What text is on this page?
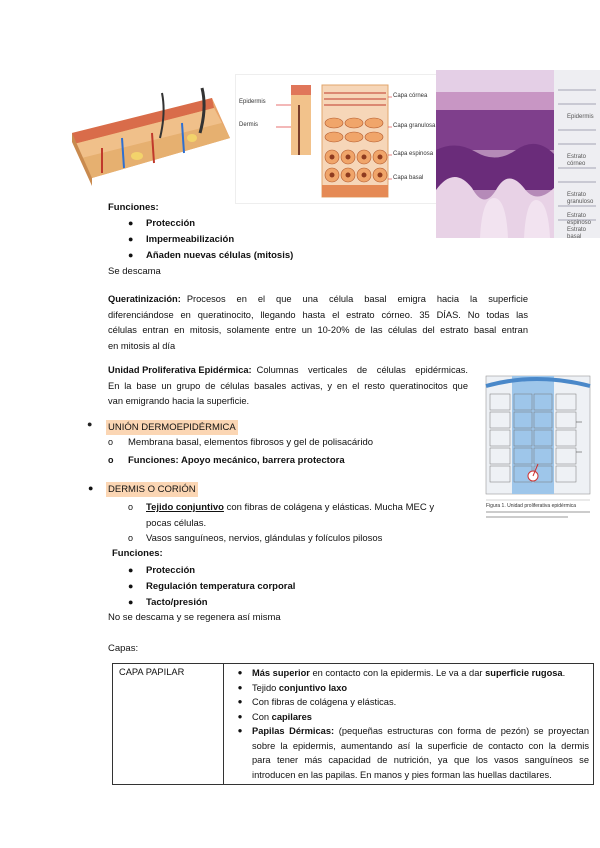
Epidermis
Dermis
Capa córnea
Capa granulosa
Capa espinosa
Capa basal
Epidermis
Estrato córneo
Estrato granuloso
Estrato espinoso
Estrato basal
Funciones:
● Protección
● Impermeabilización
● Añaden nuevas células (mitosis)
Se descama
Queratinización: Procesos en el que una célula basal emigra hacia la superficie
diferenciándose en queratinocito, llegando hasta el estrato córneo. 35 DÍAS. No todas las
células entran en mitosis, solamente entre un 10-20% de las células del estrato basal entran
en mitosis al día
Unidad Proliferativa Epidérmica: Columnas verticales de células epidérmicas.
En la base un grupo de células basales activas, y en el resto queratinocitos que
van emigrando hacia la superficie.
Figura 1. Unidad proliferativa epidérmica
● UNIÓN DERMOEPIDÉRMICA
o Membrana basal, elementos fibrosos y gel de polisacárido
o Funciones: Apoyo mecánico, barrera protectora
● DERMIS O CORIÓN
o Tejido conjuntivo con fibras de colágena y elásticas. Mucha MEC y
pocas células.
o Vasos sanguíneos, nervios, glándulas y folículos pilosos
Funciones:
● Protección
● Regulación temperatura corporal
● Tacto/presión
No se descama y se regenera así misma
Capas:
CAPA PAPILAR	●	Más superior en contacto con la epidermis. Le va a dar superficie rugosa.
●	Tejido conjuntivo laxo
●	Con fibras de colágena y elásticas.
●	Con capilares
●	Papilas Dérmicas: (pequeñas estructuras con forma de pezón) se proyectan
sobre la epidermis, aumentando así la superficie de contacto con la dermis
para tener más capacidad de nutrición, ya que los vasos sanguíneos se
introducen en las papilas. En manos y pies forman las huellas dactilares.
